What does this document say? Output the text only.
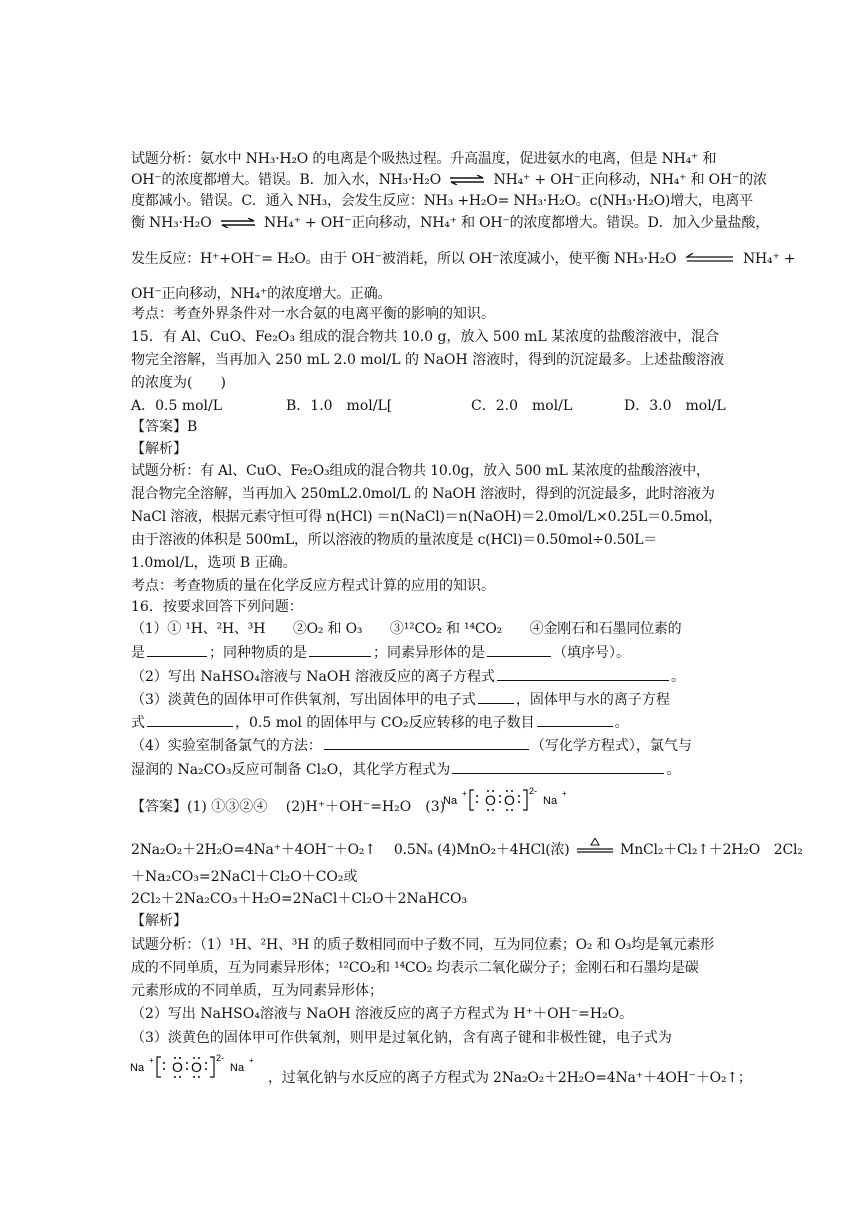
试题分析：氨水中 NH₃·H₂O 的电离是个吸热过程。升高温度，促进氨水的电离，但是 NH₄⁺ 和
OH⁻的浓度都增大。错误。B．加入水，NH₃·H₂O ⇌ NH₄⁺ + OH⁻正向移动，NH₄⁺ 和 OH⁻的浓
度都减小。错误。C．通入 NH₃，会发生反应：NH₃ +H₂O= NH₃·H₂O。c(NH₃·H₂O)增大，电离平
衡 NH₃·H₂O ⇌ NH₄⁺ + OH⁻正向移动，NH₄⁺ 和 OH⁻的浓度都增大。错误。D．加入少量盐酸，
发生反应：H⁺+OH⁻= H₂O。由于 OH⁻被消耗，所以 OH⁻浓度减小，使平衡 NH₃·H₂O	NH₄⁺ +
OH⁻正向移动，NH₄⁺的浓度增大。正确。
考点：考查外界条件对一水合氨的电离平衡的影响的知识。
15．有 Al、CuO、Fe₂O₃ 组成的混合物共 10.0 g，放入 500 mL 某浓度的盐酸溶液中，混合
物完全溶解，当再加入 250 mL 2.0 mol/L 的 NaOH 溶液时，得到的沉淀最多。上述盐酸溶液
的浓度为(　　)
A．0.5 mol/L	B．1.0　mol/L[	C．2.0　mol/L	D．3.0　mol/L
【答案】B
【解析】
试题分析：有 Al、CuO、Fe₂O₃组成的混合物共 10.0g，放入 500 mL 某浓度的盐酸溶液中，
混合物完全溶解，当再加入 250mL2.0mol/L 的 NaOH 溶液时，得到的沉淀最多，此时溶液为
NaCl 溶液，根据元素守恒可得 n(HCl) ＝n(NaCl)＝n(NaOH)＝2.0mol/L×0.25L＝0.5mol，
由于溶液的体积是 500mL，所以溶液的物质的量浓度是 c(HCl)＝0.50mol÷0.50L＝
1.0mol/L，选项 B 正确。
考点：考查物质的量在化学反应方程式计算的应用的知识。
16．按要求回答下列问题：
（1）① ¹H、²H、³H　　②O₂ 和 O₃　　③¹²CO₂ 和 ¹⁴CO₂　　④金刚石和石墨同位素的
是	；同种物质的是	；同素异形体的是	（填序号）。
（2）写出 NaHSO₄溶液与 NaOH 溶液反应的离子方程式	。
（3）淡黄色的固体甲可作供氧剂，写出固体甲的电子式	，固体甲与水的离子方程
式	，0.5 mol 的固体甲与 CO₂反应转移的电子数目	。
（4）实验室制备氯气的方法：	（写化学方程式），氯气与
湿润的 Na₂CO₃反应可制备 Cl₂O，其化学方程式为	。
【答案】(1) ①③②④　 (2)H⁺＋OH⁻=H₂O　(3)
Na
+ O O
2-
Na
+
2Na₂O₂＋2H₂O=4Na⁺＋4OH⁻＋O₂↑　 0.5Nₐ (4)MnO₂＋4HCl(浓)	MnCl₂＋Cl₂↑＋2H₂O　2Cl₂
＋Na₂CO₃=2NaCl＋Cl₂O＋CO₂或
2Cl₂＋2Na₂CO₃＋H₂O=2NaCl＋Cl₂O＋2NaHCO₃
【解析】
试题分析：（1）¹H、²H、³H 的质子数相同而中子数不同，互为同位素；O₂ 和 O₃均是氧元素形
成的不同单质，互为同素异形体；¹²CO₂和 ¹⁴CO₂ 均表示二氧化碳分子；金刚石和石墨均是碳
元素形成的不同单质，互为同素异形体；
（2）写出 NaHSO₄溶液与 NaOH 溶液反应的离子方程式为 H⁺＋OH⁻=H₂O。
（3）淡黄色的固体甲可作供氧剂，则甲是过氧化钠，含有离子键和非极性键，电子式为
Na
+ O O
2-
Na
+
，过氧化钠与水反应的离子方程式为 2Na₂O₂＋2H₂O=4Na⁺＋4OH⁻＋O₂↑；
